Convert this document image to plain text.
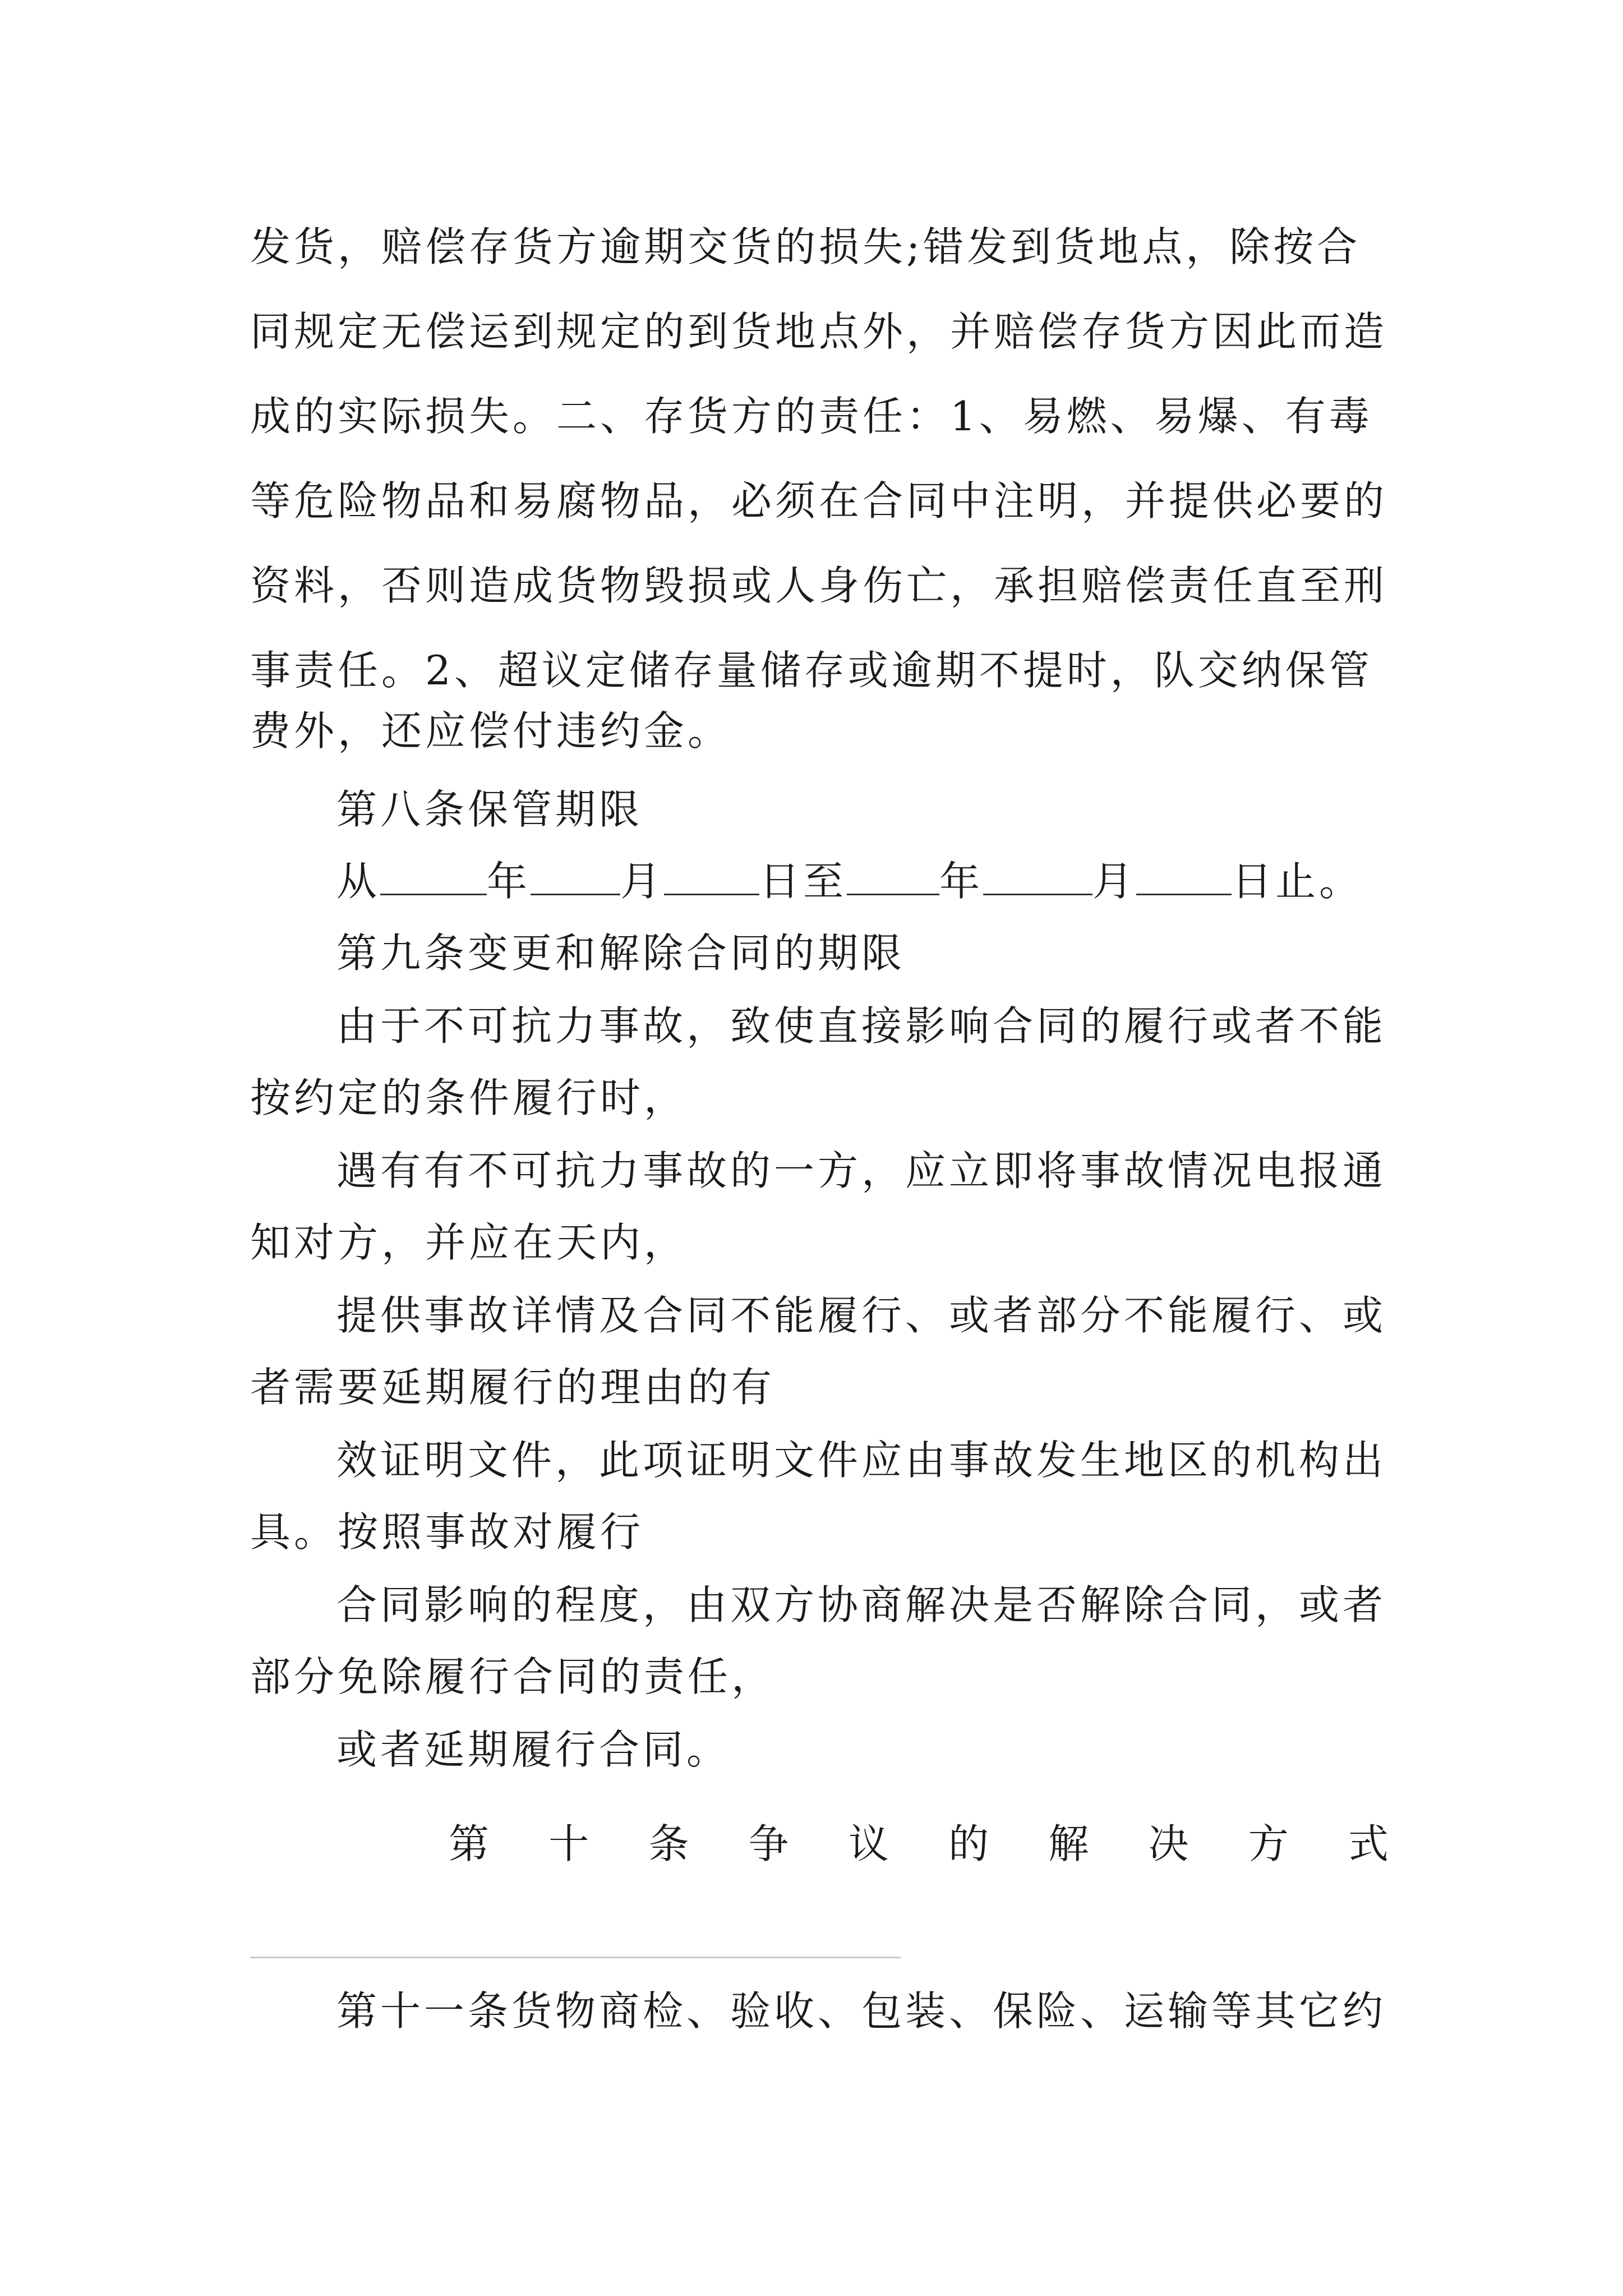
发货，赔偿存货方逾期交货的损失;错发到货地点，除按合
同规定无偿运到规定的到货地点外，并赔偿存货方因此而造
成的实际损失。二、存货方的责任：1、易燃、易爆、有毒
等危险物品和易腐物品，必须在合同中注明，并提供必要的
资料，否则造成货物毁损或人身伤亡，承担赔偿责任直至刑
事责任。2、超议定储存量储存或逾期不提时，队交纳保管
费外，还应偿付违约金。
第八条保管期限
从	年 月 日至 年	月 日止。
第九条变更和解除合同的期限
由于不可抗力事故，致使直接影响合同的履行或者不能
按约定的条件履行时，
遇有有不可抗力事故的一方，应立即将事故情况电报通
知对方，并应在天内，
提供事故详情及合同不能履行、或者部分不能履行、或
者需要延期履行的理由的有
效证明文件，此项证明文件应由事故发生地区的机构出
具。按照事故对履行
合同影响的程度，由双方协商解决是否解除合同，或者
部分免除履行合同的责任，
或者延期履行合同。
第 十 条 争 议 的 解 决 方 式
第十一条货物商检、验收、包装、保险、运输等其它约
